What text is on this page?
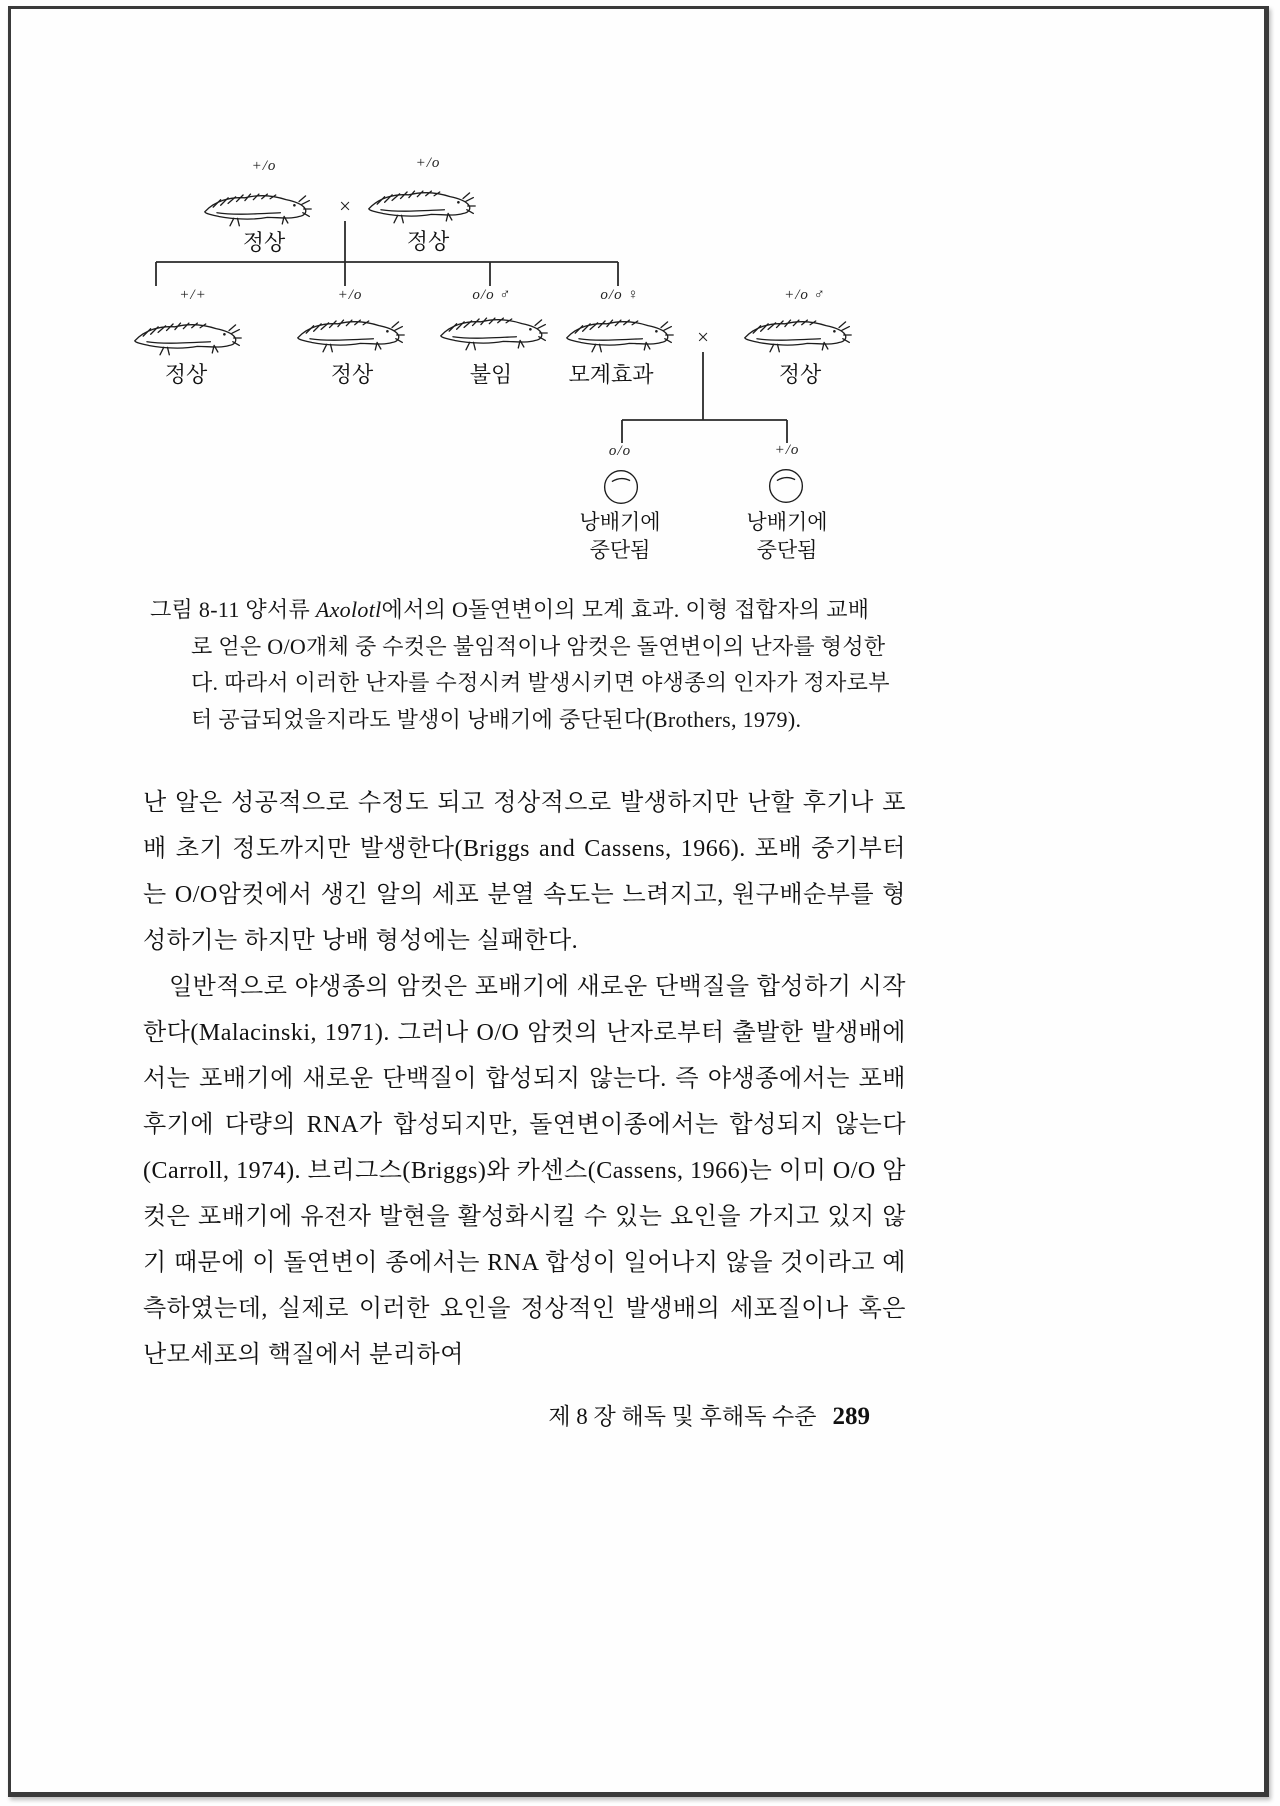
+/o
정상
×
+/o
정상
+/+
정상
+/o
정상
o/o ♂
불임
o/o ♀
모계효과
×
+/o ♂
정상
o/o
낭배기에
중단됨
+/o
낭배기에
중단됨
그림 8-11 양서류 Axolotl에서의 O돌연변이의 모계 효과. 이형 접합자의 교배
로 얻은 O/O개체 중 수컷은 불임적이나 암컷은 돌연변이의 난자를 형성한
다. 따라서 이러한 난자를 수정시켜 발생시키면 야생종의 인자가 정자로부
터 공급되었을지라도 발생이 낭배기에 중단된다(Brothers, 1979).

난 알은 성공적으로 수정도 되고 정상적으로 발생하지만 난할 후기나 포배 초기 정도까지만 발생한다(Briggs and Cassens, 1966). 포배 중기부터는 O/O암컷에서 생긴 알의 세포 분열 속도는 느려지고, 원구배순부를 형성하기는 하지만 낭배 형성에는 실패한다.

일반적으로 야생종의 암컷은 포배기에 새로운 단백질을 합성하기 시작한다(Malacinski, 1971). 그러나 O/O 암컷의 난자로부터 출발한 발생배에서는 포배기에 새로운 단백질이 합성되지 않는다. 즉 야생종에서는 포배 후기에 다량의 RNA가 합성되지만, 돌연변이종에서는 합성되지 않는다(Carroll, 1974). 브리그스(Briggs)와 카센스(Cassens, 1966)는 이미 O/O 암컷은 포배기에 유전자 발현을 활성화시킬 수 있는 요인을 가지고 있지 않기 때문에 이 돌연변이 종에서는 RNA 합성이 일어나지 않을 것이라고 예측하였는데, 실제로 이러한 요인을 정상적인 발생배의 세포질이나 혹은 난모세포의 핵질에서 분리하여

제 8 장 해독 및 후해독 수준 289
